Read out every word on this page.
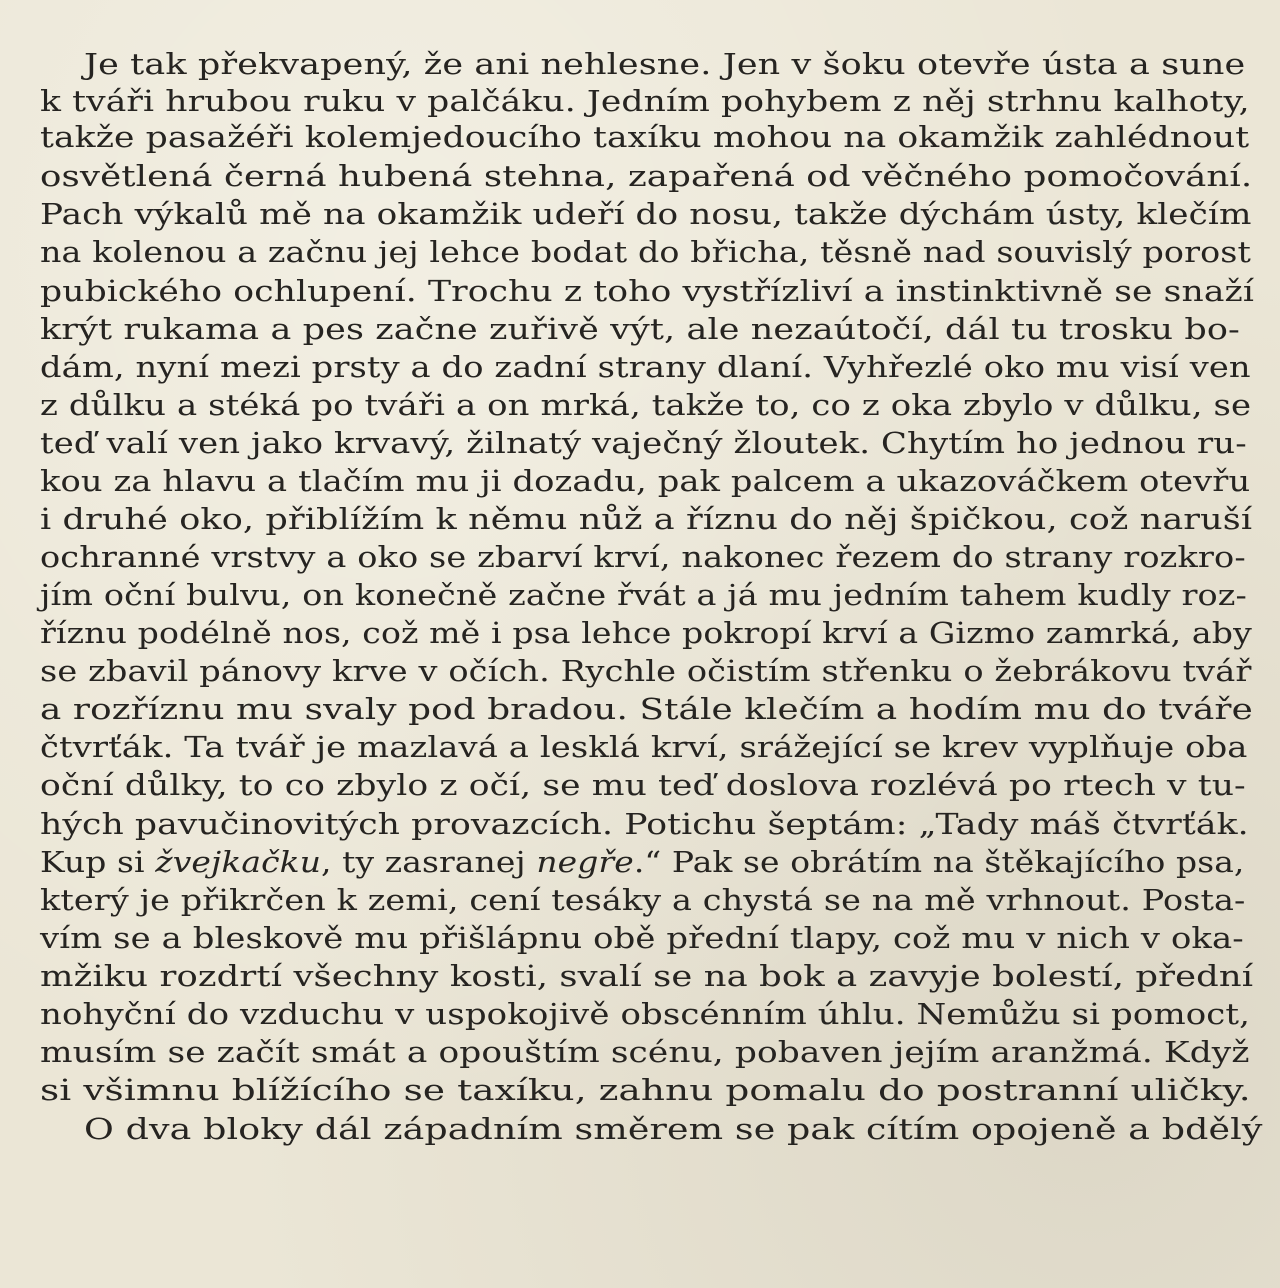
Je tak překvapený, že ani nehlesne. Jen v šoku otevře ústa a sune
k tváři hrubou ruku v palčáku. Jedním pohybem z něj strhnu kalhoty,
takže pasažéři kolemjedoucího taxíku mohou na okamžik zahlédnout
osvětlená černá hubená stehna, zapařená od věčného pomočování.
Pach výkalů mě na okamžik udeří do nosu, takže dýchám ústy, klečím
na kolenou a začnu jej lehce bodat do břicha, těsně nad souvislý porost
pubického ochlupení. Trochu z toho vystřízliví a instinktivně se snaží
krýt rukama a pes začne zuřivě výt, ale nezaútočí, dál tu trosku bo-
dám, nyní mezi prsty a do zadní strany dlaní. Vyhřezlé oko mu visí ven
z důlku a stéká po tváři a on mrká, takže to, co z oka zbylo v důlku, se
teď valí ven jako krvavý, žilnatý vaječný žloutek. Chytím ho jednou ru-
kou za hlavu a tlačím mu ji dozadu, pak palcem a ukazováčkem otevřu
i druhé oko, přiblížím k němu nůž a říznu do něj špičkou, což naruší
ochranné vrstvy a oko se zbarví krví, nakonec řezem do strany rozkro-
jím oční bulvu, on konečně začne řvát a já mu jedním tahem kudly roz-
říznu podélně nos, což mě i psa lehce pokropí krví a Gizmo zamrká, aby
se zbavil pánovy krve v očích. Rychle očistím střenku o žebrákovu tvář
a rozříznu mu svaly pod bradou. Stále klečím a hodím mu do tváře
čtvrťák. Ta tvář je mazlavá a lesklá krví, srážející se krev vyplňuje oba
oční důlky, to co zbylo z očí, se mu teď doslova rozlévá po rtech v tu-
hých pavučinovitých provazcích. Potichu šeptám: „Tady máš čtvrťák.
Kup si žvejkačku, ty zasranej negře.“ Pak se obrátím na štěkajícího psa,
který je přikrčen k zemi, cení tesáky a chystá se na mě vrhnout. Posta-
vím se a bleskově mu přišlápnu obě přední tlapy, což mu v nich v oka-
mžiku rozdrtí všechny kosti, svalí se na bok a zavyje bolestí, přední
nohyční do vzduchu v uspokojivě obscénním úhlu. Nemůžu si pomoct,
musím se začít smát a opouštím scénu, pobaven jejím aranžmá. Když
si všimnu blížícího se taxíku, zahnu pomalu do postranní uličky.
O dva bloky dál západním směrem se pak cítím opojeně a bdělý
